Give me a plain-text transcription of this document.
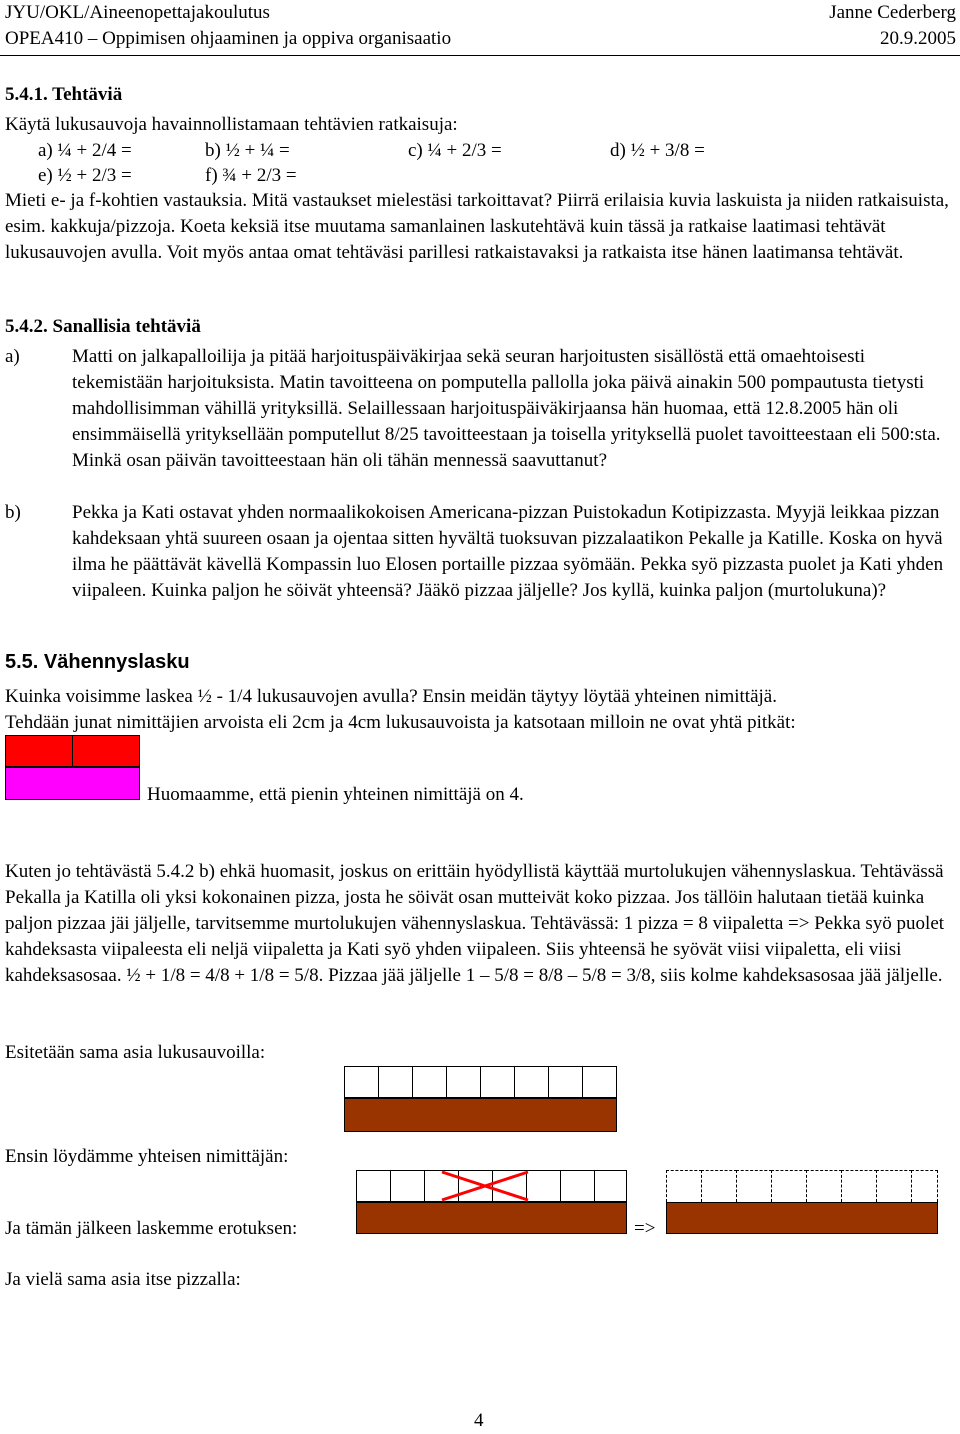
JYU/OKL/Aineenopettajakoulutus	Janne Cederberg
OPEA410 – Oppimisen ohjaaminen ja oppiva organisaatio	20.9.2005
5.4.1. Tehtäviä
Käytä lukusauvoja havainnollistamaan tehtävien ratkaisuja:
a) ¼ + 2/4 =	b) ½ + ¼ =	c) ¼ + 2/3 =	d) ½ + 3/8 =
e) ½ + 2/3 =	f) ¾ + 2/3 =
Mieti e- ja f-kohtien vastauksia. Mitä vastaukset mielestäsi tarkoittavat? Piirrä erilaisia kuvia laskuista ja niiden ratkaisuista, esim. kakkuja/pizzoja. Koeta keksiä itse muutama samanlainen laskutehtävä kuin tässä ja ratkaise laatimasi tehtävät lukusauvojen avulla. Voit myös antaa omat tehtäväsi parillesi ratkaistavaksi ja ratkaista itse hänen laatimansa tehtävät.
5.4.2. Sanallisia tehtäviä
a)	Matti on jalkapalloilija ja pitää harjoituspäiväkirjaa sekä seuran harjoitusten sisällöstä että omaehtoisesti tekemistään harjoituksista. Matin tavoitteena on pomputella pallolla joka päivä ainakin 500 pompautusta tietysti mahdollisimman vähillä yrityksillä. Selaillessaan harjoituspäiväkirjaansa hän huomaa, että 12.8.2005 hän oli ensimmäisellä yrityksellään pomputellut 8/25 tavoitteestaan ja toisella yrityksellä puolet tavoitteestaan eli 500:sta. Minkä osan päivän tavoitteestaan hän oli tähän mennessä saavuttanut?
b)	Pekka ja Kati ostavat yhden normaalikokoisen Americana-pizzan Puistokadun Kotipizzasta. Myyjä leikkaa pizzan kahdeksaan yhtä suureen osaan ja ojentaa sitten hyvältä tuoksuvan pizzalaatikon Pekalle ja Katille. Koska on hyvä ilma he päättävät kävellä Kompassin luo Elosen portaille pizzaa syömään. Pekka syö pizzasta puolet ja Kati yhden viipaleen. Kuinka paljon he söivät yhteensä? Jääkö pizzaa jäljelle? Jos kyllä, kuinka paljon (murtolukuna)?
5.5. Vähennyslasku
Kuinka voisimme laskea ½ - 1/4 lukusauvojen avulla? Ensin meidän täytyy löytää yhteinen nimittäjä.
Tehdään junat nimittäjien arvoista eli 2cm ja 4cm lukusauvoista ja katsotaan milloin ne ovat yhtä pitkät:
Huomaamme, että pienin yhteinen nimittäjä on 4.
Kuten jo tehtävästä 5.4.2 b) ehkä huomasit, joskus on erittäin hyödyllistä käyttää murtolukujen vähennyslaskua. Tehtävässä Pekalla ja Katilla oli yksi kokonainen pizza, josta he söivät osan mutteivät koko pizzaa. Jos tällöin halutaan tietää kuinka paljon pizzaa jäi jäljelle, tarvitsemme murtolukujen vähennyslaskua. Tehtävässä: 1 pizza = 8 viipaletta => Pekka syö puolet kahdeksasta viipaleesta eli neljä viipaletta ja Kati syö yhden viipaleen. Siis yhteensä he syövät viisi viipaletta, eli viisi kahdeksasosaa. ½ + 1/8 = 4/8 + 1/8 = 5/8. Pizzaa jää jäljelle 1 – 5/8 = 8/8 – 5/8 = 3/8, siis kolme kahdeksasosaa jää jäljelle.
Esitetään sama asia lukusauvoilla:
Ensin löydämme yhteisen nimittäjän:
Ja tämän jälkeen laskemme erotuksen:	=>
Ja vielä sama asia itse pizzalla:
4
